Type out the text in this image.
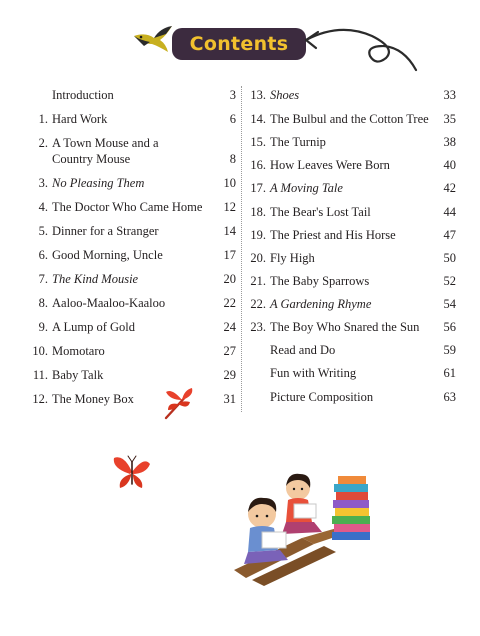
Contents
Introduction	3
1. Hard Work	6
2. A Town Mouse and a
Country Mouse	8
3. No Pleasing Them	10
4. The Doctor Who Came Home 12
5. Dinner for a Stranger	14
6. Good Morning, Uncle	17
7. The Kind Mousie	20
8. Aaloo-Maaloo-Kaaloo	22
9. A Lump of Gold	24
10. Momotaro	27
11. Baby Talk	29
12. The Money Box	31
13. Shoes	33
14. The Bulbul and the Cotton Tree 35
15. The Turnip	38
16. How Leaves Were Born	40
17. A Moving Tale	42
18. The Bear's Lost Tail	44
19. The Priest and His Horse	47
20. Fly High	50
21. The Baby Sparrows	52
22. A Gardening Rhyme	54
23. The Boy Who Snared the Sun 56
Read and Do	59
Fun with Writing	61
Picture Composition	63
